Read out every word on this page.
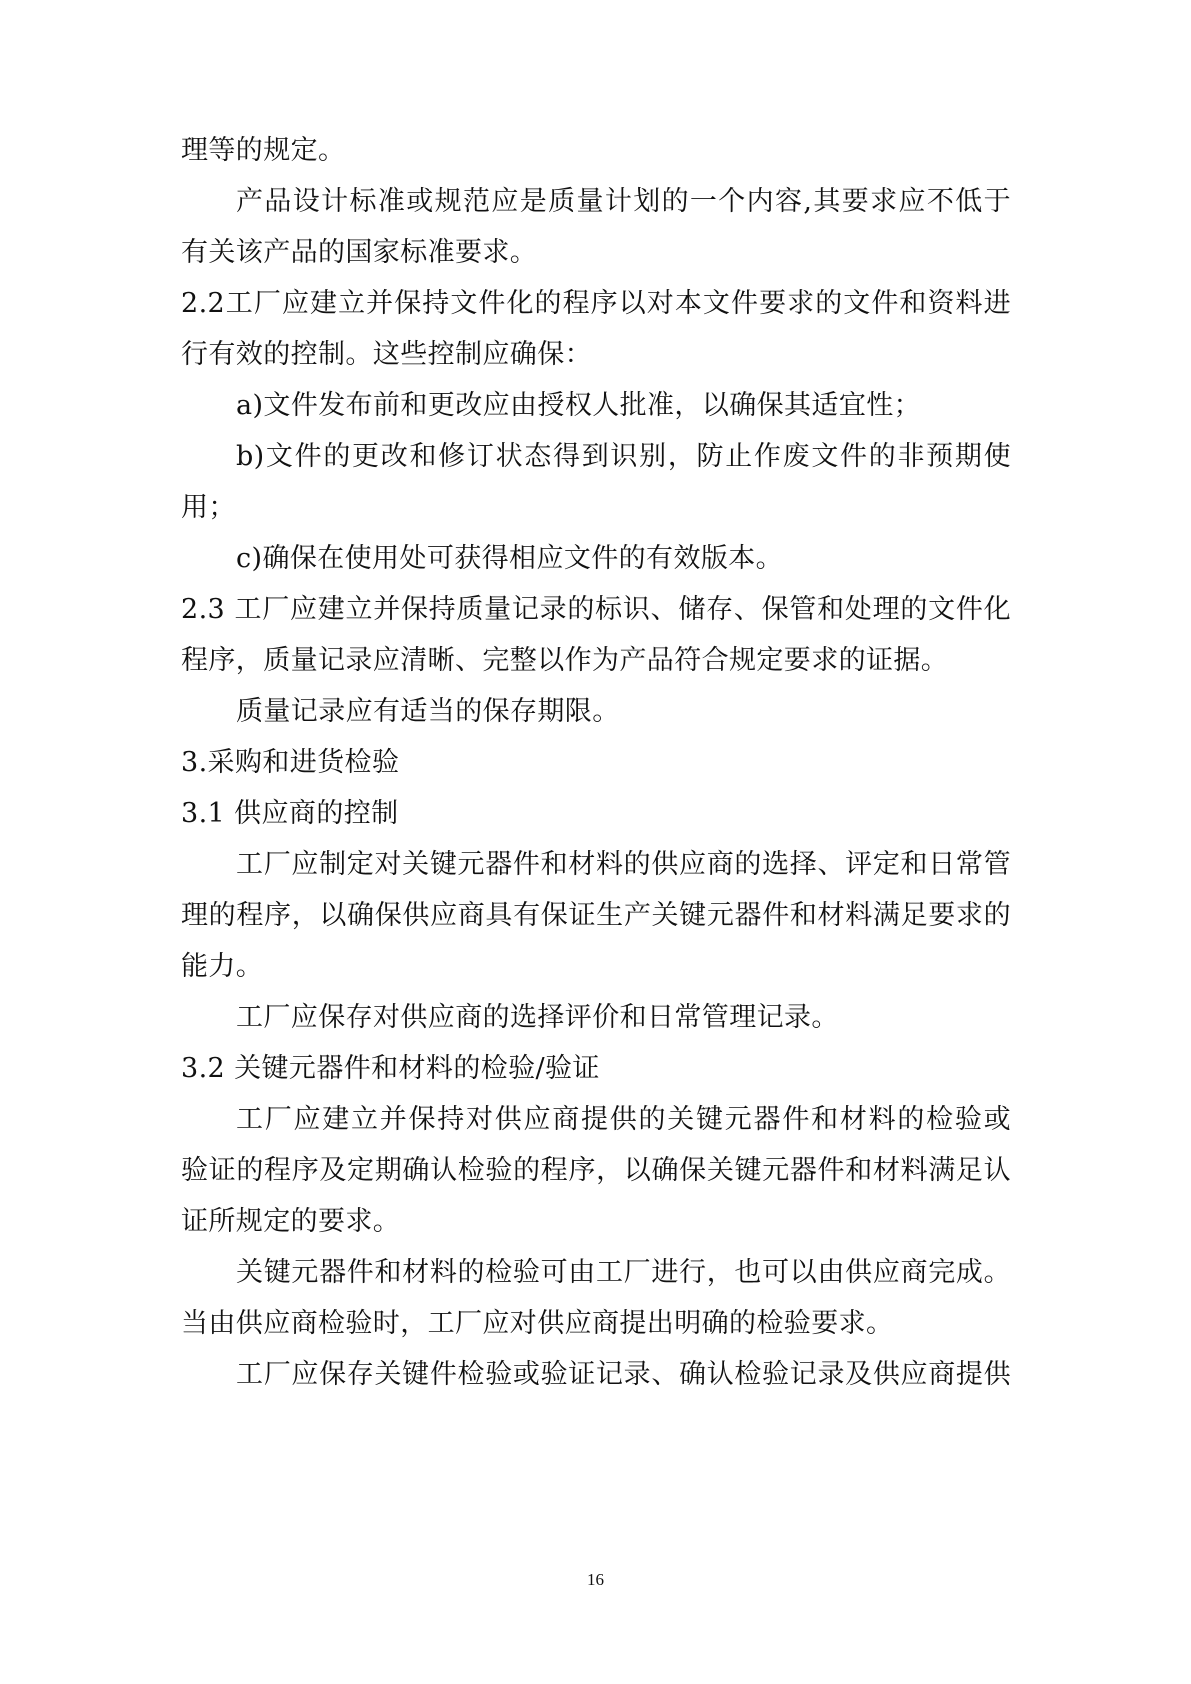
理等的规定。
产品设计标准或规范应是质量计划的一个内容,其要求应不低于
有关该产品的国家标准要求。
2.2工厂应建立并保持文件化的程序以对本文件要求的文件和资料进
行有效的控制。这些控制应确保：
a)文件发布前和更改应由授权人批准，以确保其适宜性；
b)文件的更改和修订状态得到识别，防止作废文件的非预期使
用；
c)确保在使用处可获得相应文件的有效版本。
2.3 工厂应建立并保持质量记录的标识、储存、保管和处理的文件化
程序，质量记录应清晰、完整以作为产品符合规定要求的证据。
质量记录应有适当的保存期限。
3.采购和进货检验
3.1 供应商的控制
工厂应制定对关键元器件和材料的供应商的选择、评定和日常管
理的程序，以确保供应商具有保证生产关键元器件和材料满足要求的
能力。
工厂应保存对供应商的选择评价和日常管理记录。
3.2 关键元器件和材料的检验/验证
工厂应建立并保持对供应商提供的关键元器件和材料的检验或
验证的程序及定期确认检验的程序，以确保关键元器件和材料满足认
证所规定的要求。
关键元器件和材料的检验可由工厂进行，也可以由供应商完成。
当由供应商检验时，工厂应对供应商提出明确的检验要求。
工厂应保存关键件检验或验证记录、确认检验记录及供应商提供
16
